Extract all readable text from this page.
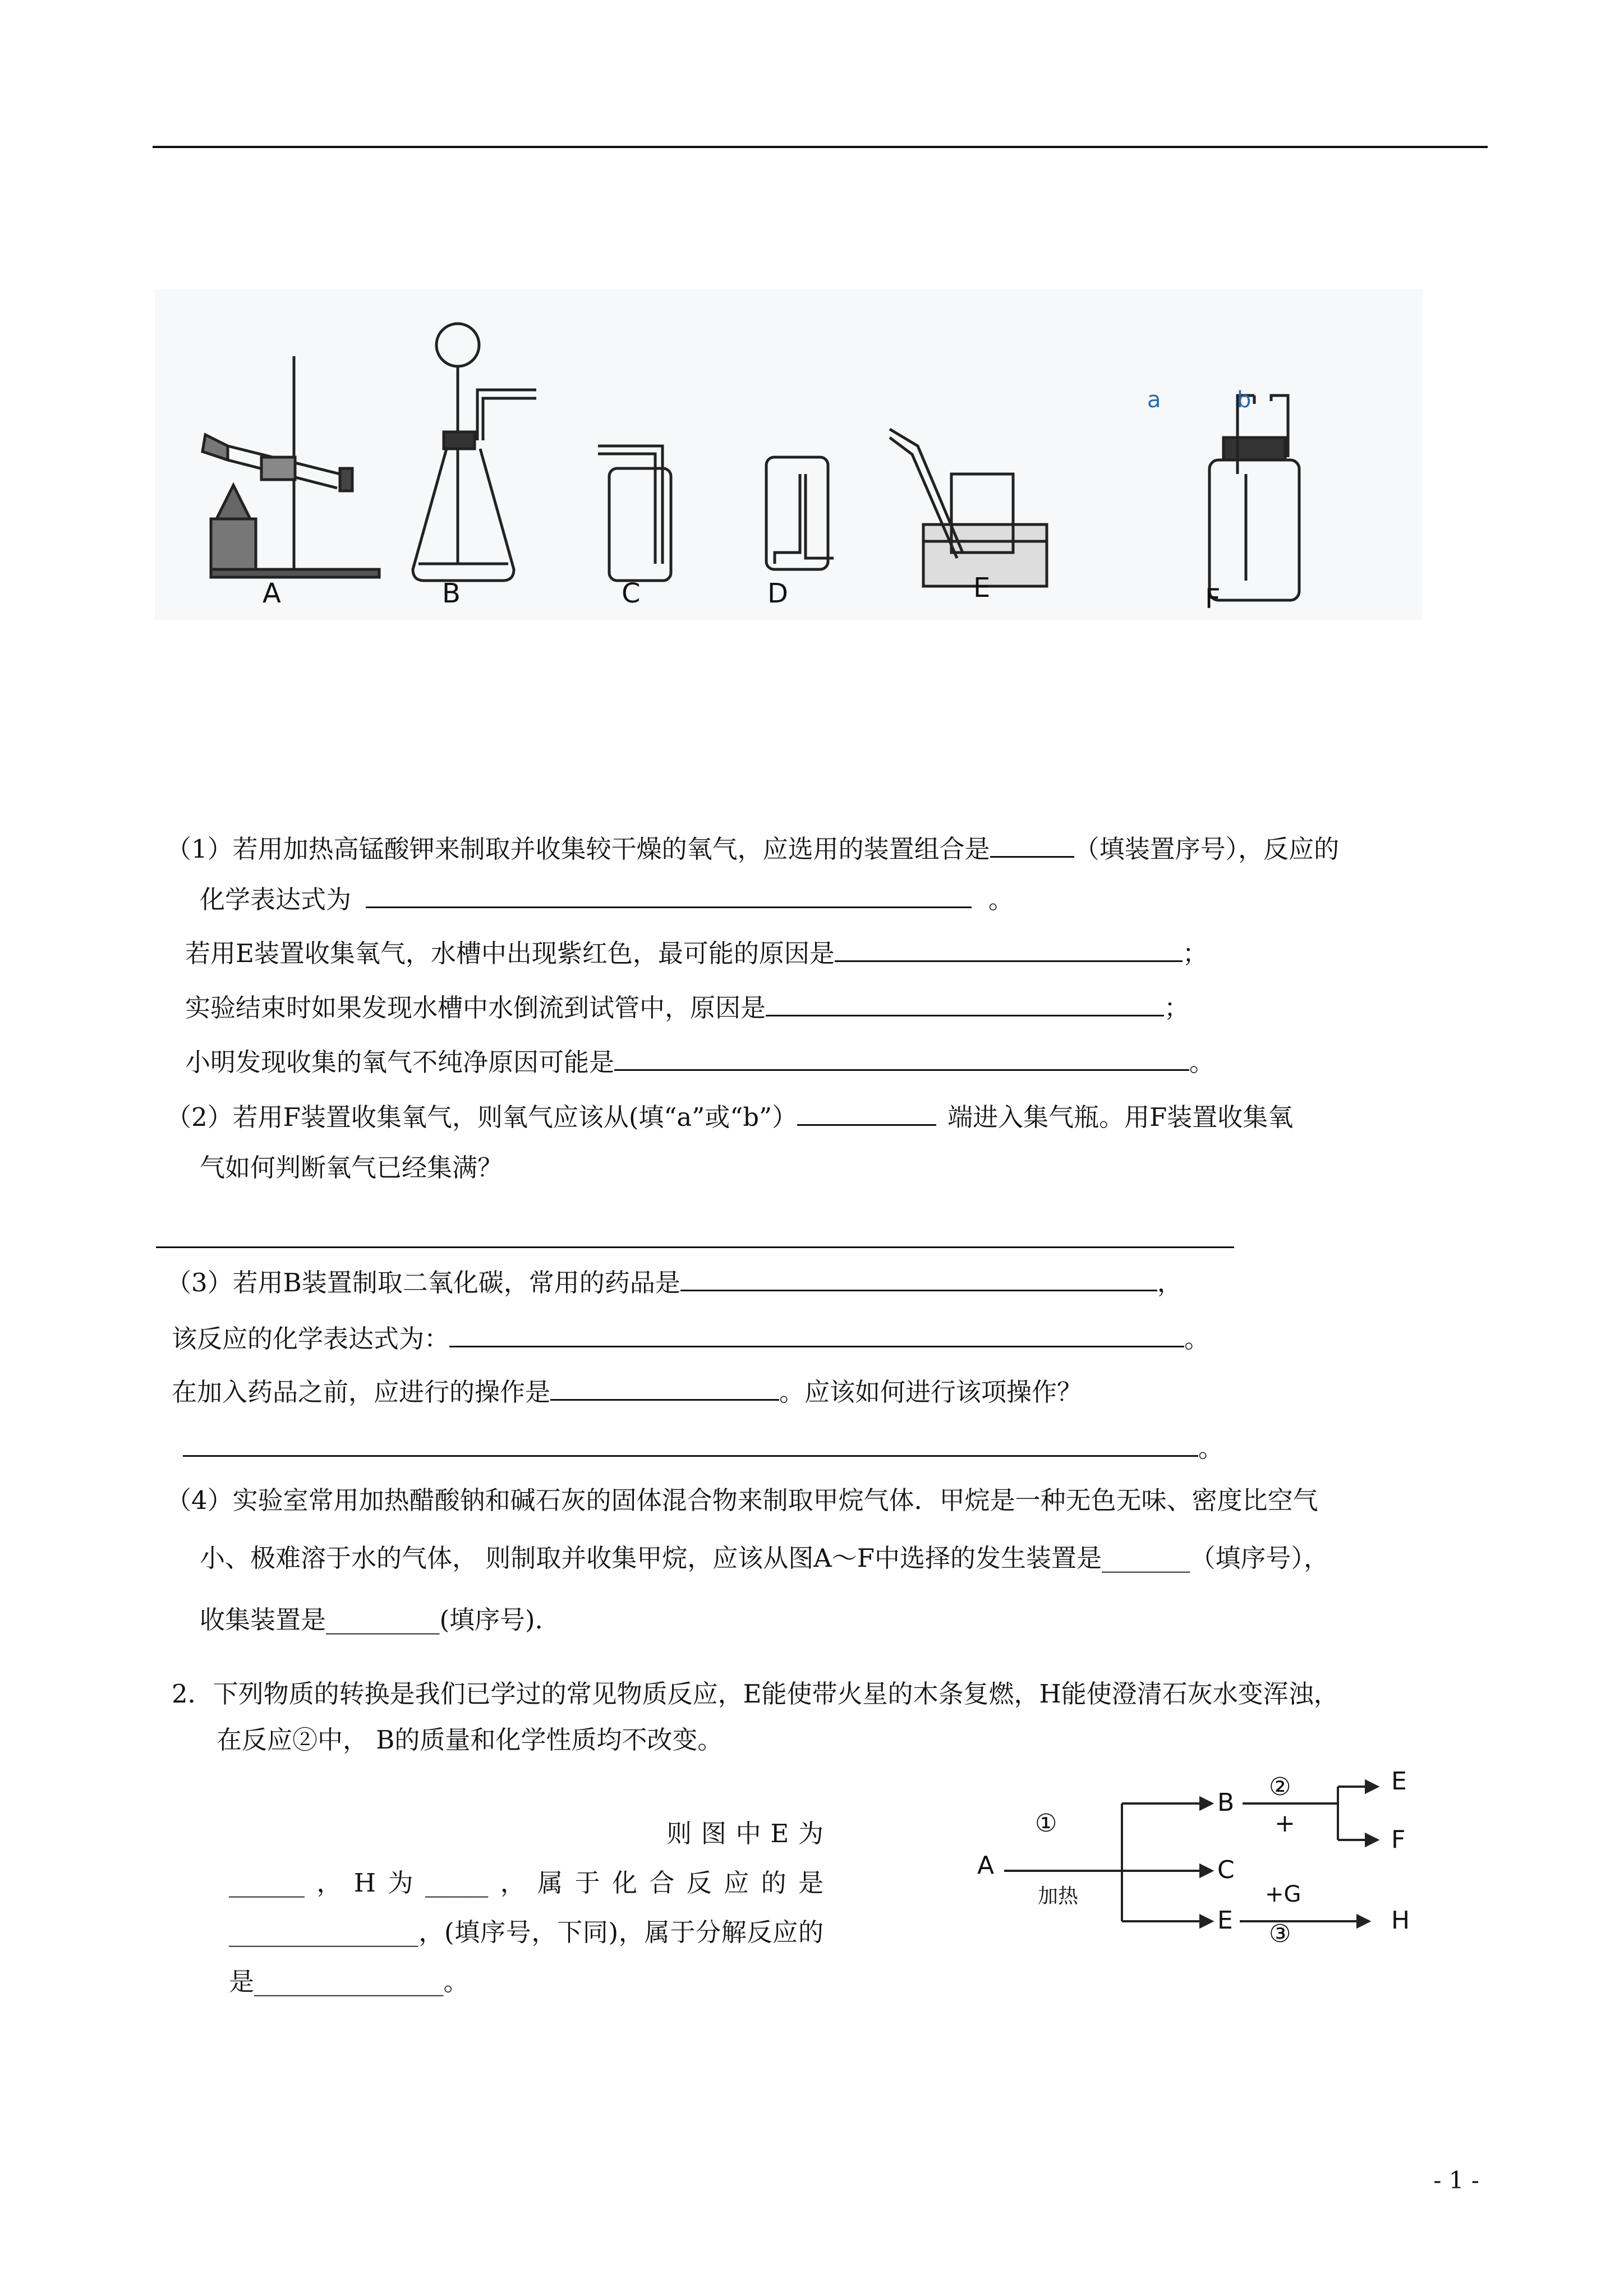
A	B	C	D	E	F
a	b
（1）若用加热高锰酸钾来制取并收集较干燥的氧气，应选用的装置组合是	（填装置序号），反应的
化学表达式为	。
若用E装置收集氧气，水槽中出现紫红色，最可能的原因是	；
实验结束时如果发现水槽中水倒流到试管中，原因是	；
小明发现收集的氧气不纯净原因可能是	。
（2）若用F装置收集氧气，则氧气应该从(填“a”或“b”）	端进入集气瓶。用F装置收集氧
气如何判断氧气已经集满？
（3）若用B装置制取二氧化碳，常用的药品是	，
该反应的化学表达式为：	。
在加入药品之前，应进行的操作是	。应该如何进行该项操作？
。
（4）实验室常用加热醋酸钠和碱石灰的固体混合物来制取甲烷气体．甲烷是一种无色无味、密度比空气
小、极难溶于水的气体， 则制取并收集甲烷，应该从图A～F中选择的发生装置是_______（填序号），
收集装置是_________(填序号)．
2．下列物质的转换是我们已学过的常见物质反应，E能使带火星的木条复燃，H能使澄清石灰水变浑浊，
在反应②中， B的质量和化学性质均不改变。
则图中E为______，H为_____，属于化合反应的是_______________，(填序号，下同)，属于分解反应的是_______________。
A
①
加热
B
C
E
②
+
E
F
+G
③	H
- 1 -
